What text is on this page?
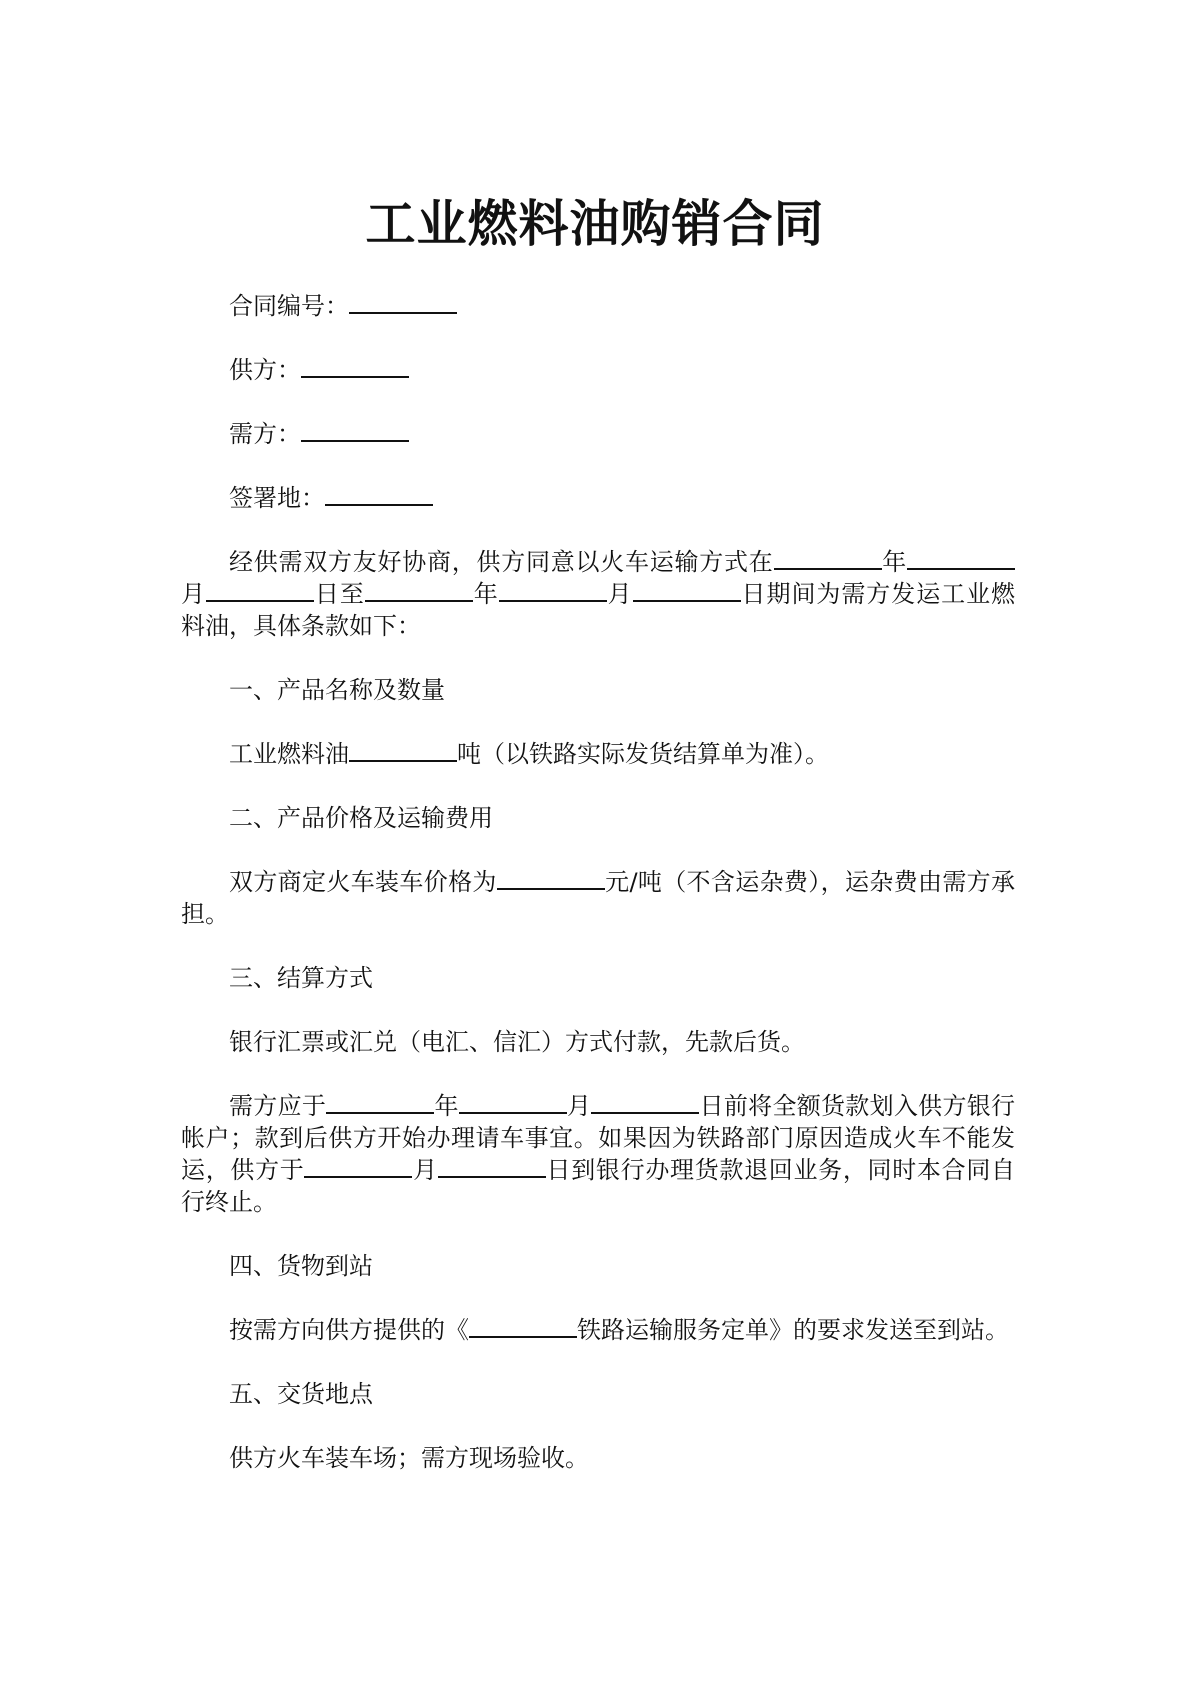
工业燃料油购销合同

合同编号：

供方：

需方：

签署地：

经供需双方友好协商，供方同意以火车运输方式在	年月	日至	年	月	日期间为需方发运工业燃料油，具体条款如下：

一、产品名称及数量

工业燃料油	吨（以铁路实际发货结算单为准）。

二、产品价格及运输费用

双方商定火车装车价格为	元/吨（不含运杂费），运杂费由需方承担。

三、结算方式

银行汇票或汇兑（电汇、信汇）方式付款，先款后货。

需方应于	年	月	日前将全额货款划入供方银行帐户；款到后供方开始办理请车事宜。如果因为铁路部门原因造成火车不能发运，供方于	月	日到银行办理货款退回业务，同时本合同自行终止。

四、货物到站

按需方向供方提供的《	铁路运输服务定单》的要求发送至到站。

五、交货地点

供方火车装车场；需方现场验收。
